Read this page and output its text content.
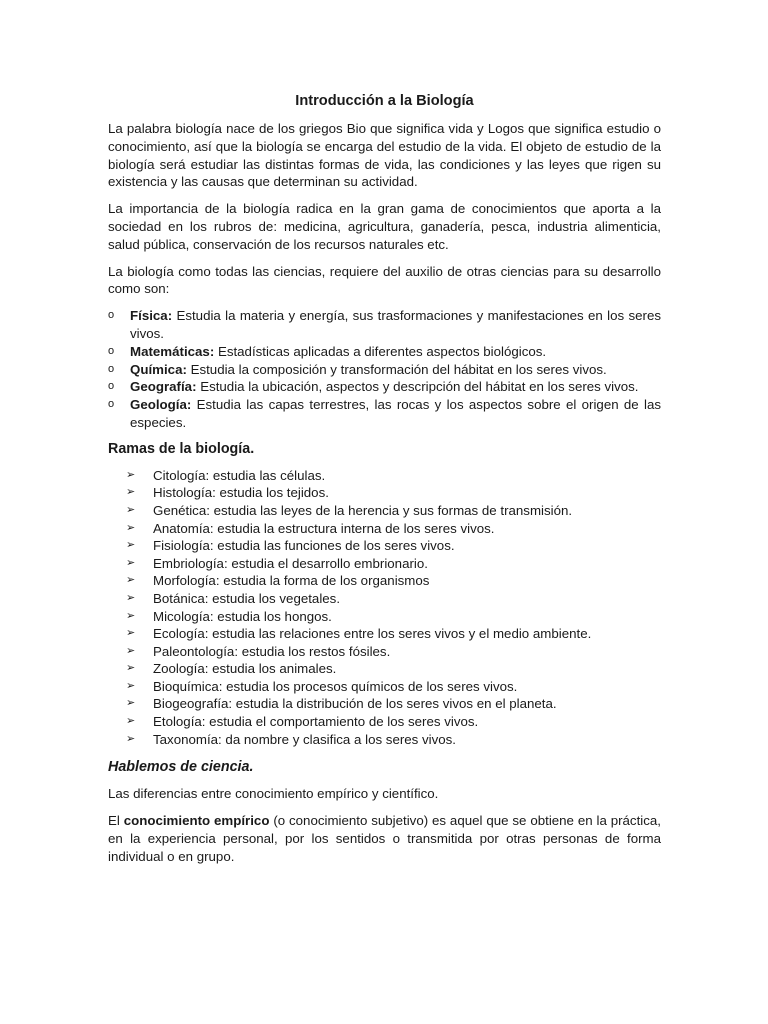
Introducción a la Biología

La palabra biología nace de los griegos Bio que significa vida y Logos que significa estudio o conocimiento, así que la biología se encarga del estudio de la vida. El objeto de estudio de la biología será estudiar las distintas formas de vida, las condiciones y las leyes que rigen su existencia y las causas que determinan su actividad.

La importancia de la biología radica en la gran gama de conocimientos que aporta a la sociedad en los rubros de: medicina, agricultura, ganadería, pesca, industria alimenticia, salud pública, conservación de los recursos naturales etc.

La biología como todas las ciencias, requiere del auxilio de otras ciencias para su desarrollo como son:

o Física: Estudia la materia y energía, sus trasformaciones y manifestaciones en los seres vivos.
o Matemáticas: Estadísticas aplicadas a diferentes aspectos biológicos.
o Química: Estudia la composición y transformación del hábitat en los seres vivos.
o Geografía: Estudia la ubicación, aspectos y descripción del hábitat en los seres vivos.
o Geología: Estudia las capas terrestres, las rocas y los aspectos sobre el origen de las especies.
Ramas de la biología.
➢ Citología: estudia las células.
➢ Histología: estudia los tejidos.
➢ Genética: estudia las leyes de la herencia y sus formas de transmisión.
➢ Anatomía: estudia la estructura interna de los seres vivos.
➢ Fisiología: estudia las funciones de los seres vivos.
➢ Embriología: estudia el desarrollo embrionario.
➢ Morfología: estudia la forma de los organismos
➢ Botánica: estudia los vegetales.
➢ Micología: estudia los hongos.
➢ Ecología: estudia las relaciones entre los seres vivos y el medio ambiente.
➢ Paleontología: estudia los restos fósiles.
➢ Zoología: estudia los animales.
➢ Bioquímica: estudia los procesos químicos de los seres vivos.
➢ Biogeografía: estudia la distribución de los seres vivos en el planeta.
➢ Etología: estudia el comportamiento de los seres vivos.
➢ Taxonomía: da nombre y clasifica a los seres vivos.
Hablemos de ciencia.

Las diferencias entre conocimiento empírico y científico.

El conocimiento empírico (o conocimiento subjetivo) es aquel que se obtiene en la práctica, en la experiencia personal, por los sentidos o transmitida por otras personas de forma individual o en grupo.
